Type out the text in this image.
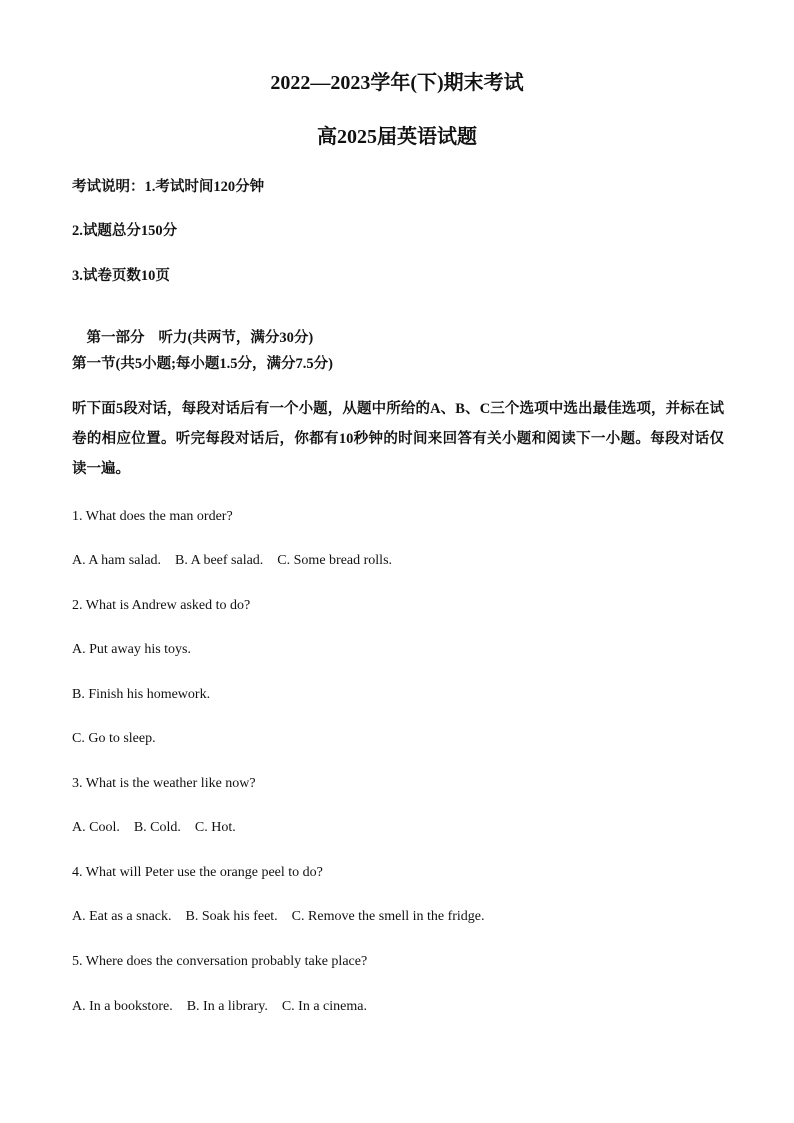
2022—2023学年(下)期末考试
高2025届英语试题
考试说明：1.考试时间120分钟
2.试题总分150分
3.试卷页数10页

第一部分 听力(共两节，满分30分)

第一节(共5小题;每小题1.5分，满分7.5分)
听下面5段对话，每段对话后有一个小题，从题中所给的A、B、C三个选项中选出最佳选项，并标在试卷的相应位置。听完每段对话后，你都有10秒钟的时间来回答有关小题和阅读下一小题。每段对话仅读一遍。
1. What does the man order?
A. A ham salad.    B. A beef salad.    C. Some bread rolls.
2. What is Andrew asked to do?
A. Put away his toys.
B. Finish his homework.
C. Go to sleep.
3. What is the weather like now?
A. Cool.    B. Cold.    C. Hot.
4. What will Peter use the orange peel to do?
A. Eat as a snack.    B. Soak his feet.    C. Remove the smell in the fridge.
5. Where does the conversation probably take place?
A. In a bookstore.    B. In a library.    C. In a cinema.
